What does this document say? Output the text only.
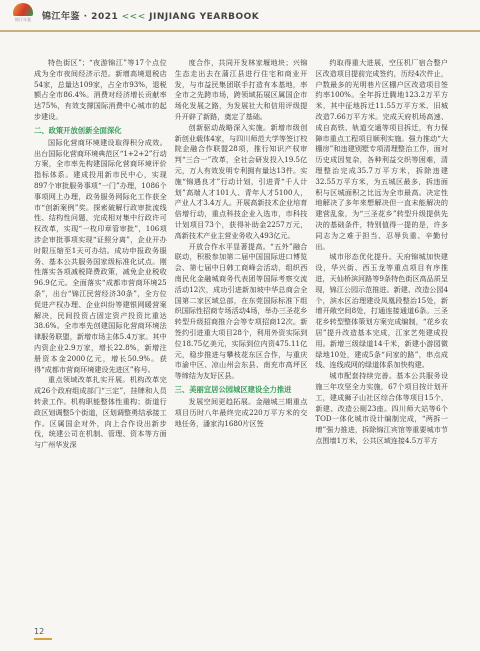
锦江年鉴 锦江年鉴 · 2021 <<< JINJIANG YEARBOOK

特色街区”；“夜游锦江”等17个点位成为全市夜间经济示范。新增高境退税店54家，总量达109家，占全市93%，退税额占全市86.4%。消费对经济增长贡献率达75%，有效支撑国际消费中心城市的起步建设。

二、政策开放创新全面深化

国际化营商环境建设取得积分成效。出台国际化营商环境典范区“1+2+2”行动方案，全市率先构建国际化营商环境评价指标体系。建成投用新市民中心，实现897个审批服务事项“一门”办理，1086个事项网上办理，政务服务网际化工作获全市“创新案例”奖。探索破解行政审批流线性、结构性问题，完成相对集中行政许可权改革，实现“一枚印章管审批”，106项涉企审批事项实现“证照分离”，企业开办时限压缩至1天可办结。成功申报政务服务、基本公共服务国家级标准化试点。刚性落实各项减税降费政策，减免企业税收96.9亿元。全面落实“成都市营商环境25条”，出台“锦江民营经济30条”，全方位促进产权办理、企业纠纷等建银网暖营案解决，民间投资占固定资产投资比重达38.6%。全市率先创建国际化营商环境法律服务联盟，新增市场主体5.4万家。其中内资企业2.9万家，增长22.8%，新增注册资本金2000亿元，增长50.9%。获得“成都市营商环境建设先进区”称号。

重点领域改革扎实开展。机构改革完成26个政府组成部门“三定”，挂牌和人员转隶工作。机构职能整体性重构；街道行政区划调整5个街道，区划调整勇结承接工作。区属国企对外，向上合作设出新步伐，统建公司在机制、管理、资本等方面与广州华发深

度合作，共同开发林家堰地块；兴锦生态走出去在蒲江县进行住宅和商业开发，与市益民集团联手打造有本基地，率全市之先跨市场，跨领域拓展区属国企市场化发展之路，为发展社大和信用评级提升开辟了新路，奠定了基础。

创新驱动战略深入实施。新增市级创新创业载体4家，与四川师范大学等签订校院企融合作联盟28项，推行知识产权审判“三合一”改革，全社会研发投入19.5亿元，万人有效发明专利拥有量达13件。实施“锦遇良才”行动计划，引进青“千人计划”高端人才101人、青年人才5100人，产业人才3.4万人。开展高新技术企业培育倍增行动，重点科技企业入选市，市科技计划项目73个，获得补助金2257万元，高新技术产业主营业务收入493亿元。

开放合作水平显著提高。“五外”融合联动，积极参加第二届中国国际进口博览会、第七届中日韩工商峰会活动，组织西南民化金融城商务代表团等国际考察交流活动12次，成功引进新加坡中华总商会全国第二家区域总部，在东莞国际标准下组织国际性招商专场活动4场，举办三圣花乡转型升级招商推介会等专项招商12次。新签约引进重大项目28个，利用外资实际到位18.75亿美元，实际到位内资475.11亿元，稳步推进与攀枝花东区合作，与重庆市渝中区、凉山州会东县、南充市高坪区等缔结为友好区县。

三、美丽宜居公园城区建设全力推进

发展空间更趋拓展。金融城三期重点项目历时八年最终完成220万平方米的交地任务，潘家沟1680片区签

约取得重大进展，空压机厂宿合整户区改造项目提前完成签约，历经4次件止，户数最多的光明巷片区棚户区改造项目签约率100%。全年拆迁腾地123.2万平方米，其中征地拆迁11.55万平方米、旧城改造7.66万平方米。完成天府机场高速、成自高铁、轨道交通等项目拆迁，有力保障市重点工程项目顺利实施。强力推动“大棚房”和违建别墅专项清理整治工作，面对历史成因复杂，各种利益交织等困难，清理整治完成35.7万平方米，拆除违建32.55万平方米，为五城区最多，拆违面积与区城面积之比远为全市最高。决定性地解决了多年来想解决但一直未能解决的建营乱象，为“三圣花乡”转型升级提供先决的基础条件，特别值得一提的是，许多同志为之难于担当、忍辱负重、辛勤付出。

城市形态优化提升。天府锦城加快建设，华兴街、西玉龙等重点项目有序推进，天仙桥滨河路等9条特色街区高品质呈现，锦江公园示范推进。新建、改造公园4个，滨水区治理建设凤凰段整治15处，新增开敞空间8处，打通连接通道6条。三圣花乡转型整体策划方案完成编制，“花乡农居”提升改造基本完成，江家艺苑建成投用。新增三级绿道14千米，新建小游园微绿地10处，建成5条“问家的路”，串点成线、连线成网的绿道体系加快构建。

城市配套持续完善。基本公共服务设施三年攻坚全力实施，67个项目按计划开工，建成狮子山社区综合体等项目15个，新建、改造公厕23座。四川师大站等6个TOD一体化城市设计编制完成，“两拆一增”强力推进，拆除锦江宾馆等重要城市节点围墙1万米，公共区域连接4.5万平方

12
